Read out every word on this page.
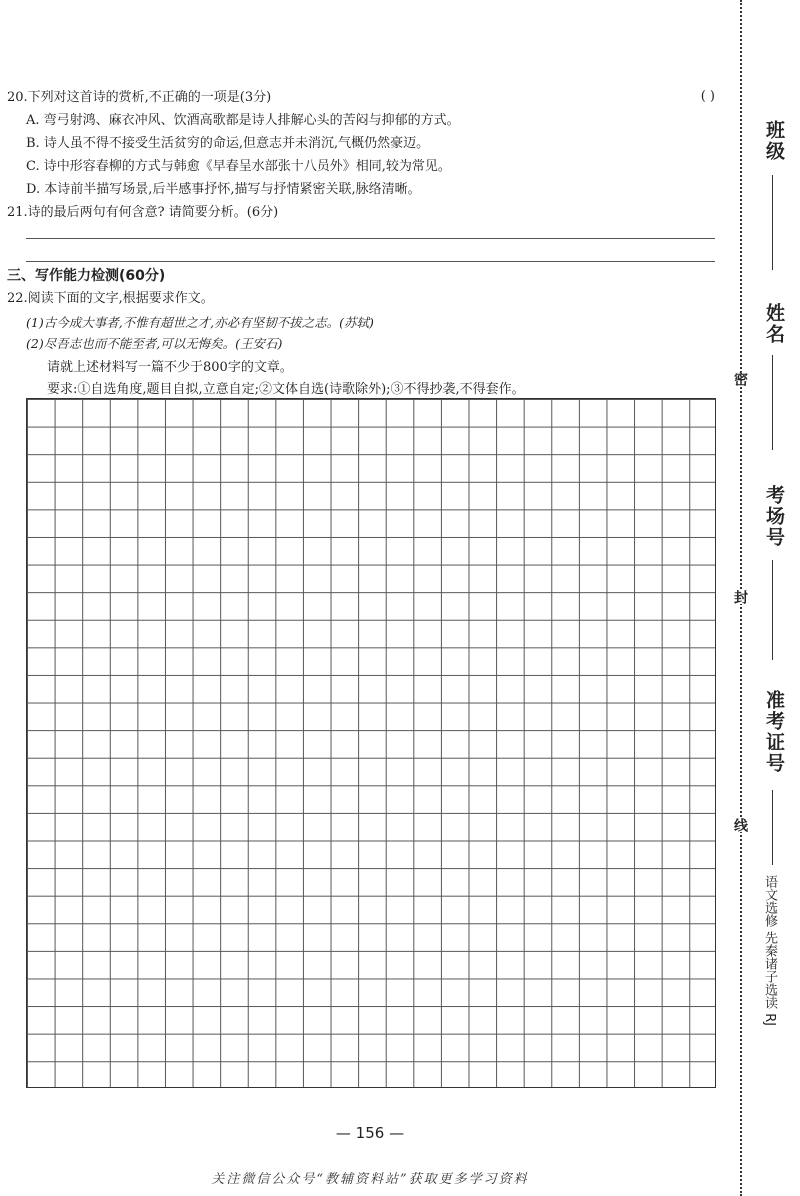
20.下列对这首诗的赏析,不正确的一项是(3分)	( )
A. 弯弓射鸿、麻衣冲风、饮酒高歌都是诗人排解心头的苦闷与抑郁的方式。
B. 诗人虽不得不接受生活贫穷的命运,但意志并未消沉,气概仍然豪迈。
C. 诗中形容春柳的方式与韩愈《早春呈水部张十八员外》相同,较为常见。
D. 本诗前半描写场景,后半感事抒怀,描写与抒情紧密关联,脉络清晰。
21.诗的最后两句有何含意? 请简要分析。(6分)
三、写作能力检测(60分)
22.阅读下面的文字,根据要求作文。
(1)古今成大事者,不惟有超世之才,亦必有坚韧不拔之志。(苏轼)
(2)尽吾志也而不能至者,可以无悔矣。(王安石)
请就上述材料写一篇不少于800字的文章。
要求:①自选角度,题目自拟,立意自定;②文体自选(诗歌除外);③不得抄袭,不得套作。
— 156 —
关注微信公众号“教辅资料站”获取更多学习资料
班级
姓名
密
考场号
封
准考证号
线
语文选修 先秦诸子选读 RJ
